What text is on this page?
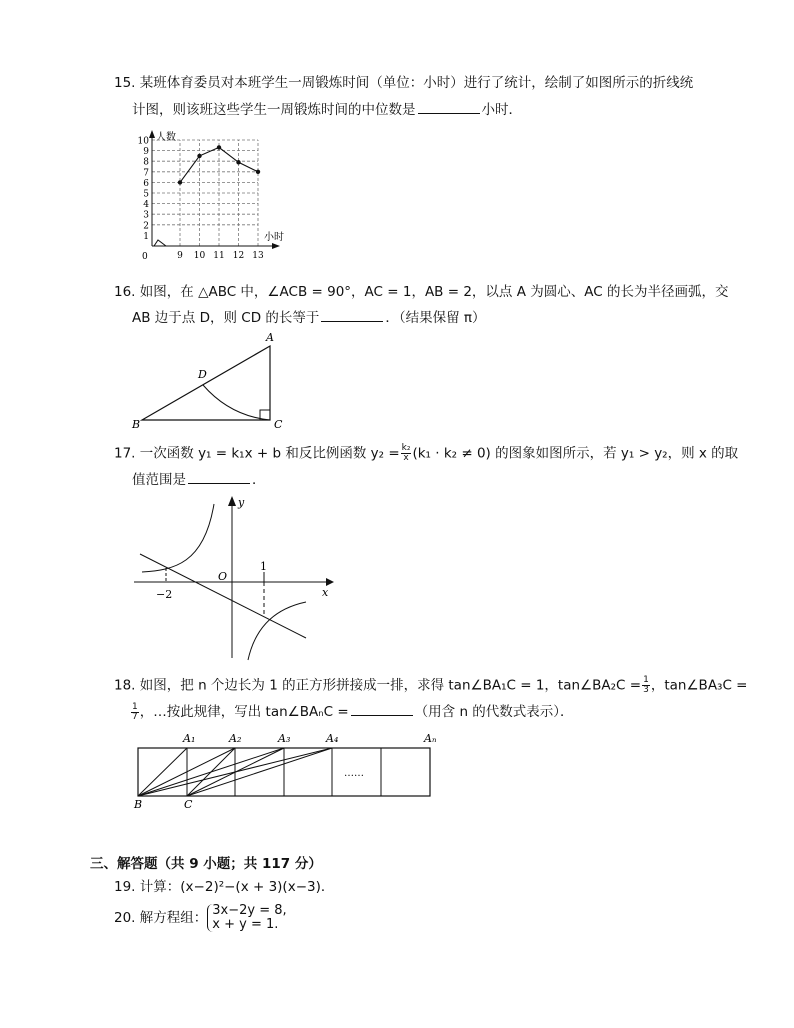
15. 某班体育委员对本班学生一周锻炼时间（单位：小时）进行了统计，绘制了如图所示的折线统
计图，则该班这些学生一周锻炼时间的中位数是	小时．
1
2
3
4
5
6
7
8
9
10
9 10 11 12 13
人数
小时
0
16. 如图，在 △ABC 中，∠ACB = 90°，AC = 1，AB = 2，以点 A 为圆心、AC 的长为半径画弧，交
AB 边于点 D，则 CD 的长等于	．（结果保留 π）
A
B	C
D
17. 一次函数 y₁ = k₁x + b 和反比例函数 $y_2 = \frac{\text{k₂}}{x} (k_1 \cdot k_2 \ne 0)$ 的图象如图所示，若 y₁ > y₂，则 x 的取
值范围是	．
y
x
O
−2
1
18. 如图，把 n 个边长为 1 的正方形拼接成一排，求得 tan∠BA₁C = 1，tan∠BA₂C = $\frac{1}{3}$ ，tan∠BA₃C =
$\frac{1}{7}$ ，…按此规律，写出 tan∠BAₙC =	（用含 n 的代数式表示）．
A₁	A₂	A₃	A₄	Aₙ
B	C
……
三、解答题（共 9 小题；共 117 分）
19. 计算：(x−2)²−(x + 3)(x−3)．
20. 解方程组： 3x−2y = 8,
x + y = 1.
